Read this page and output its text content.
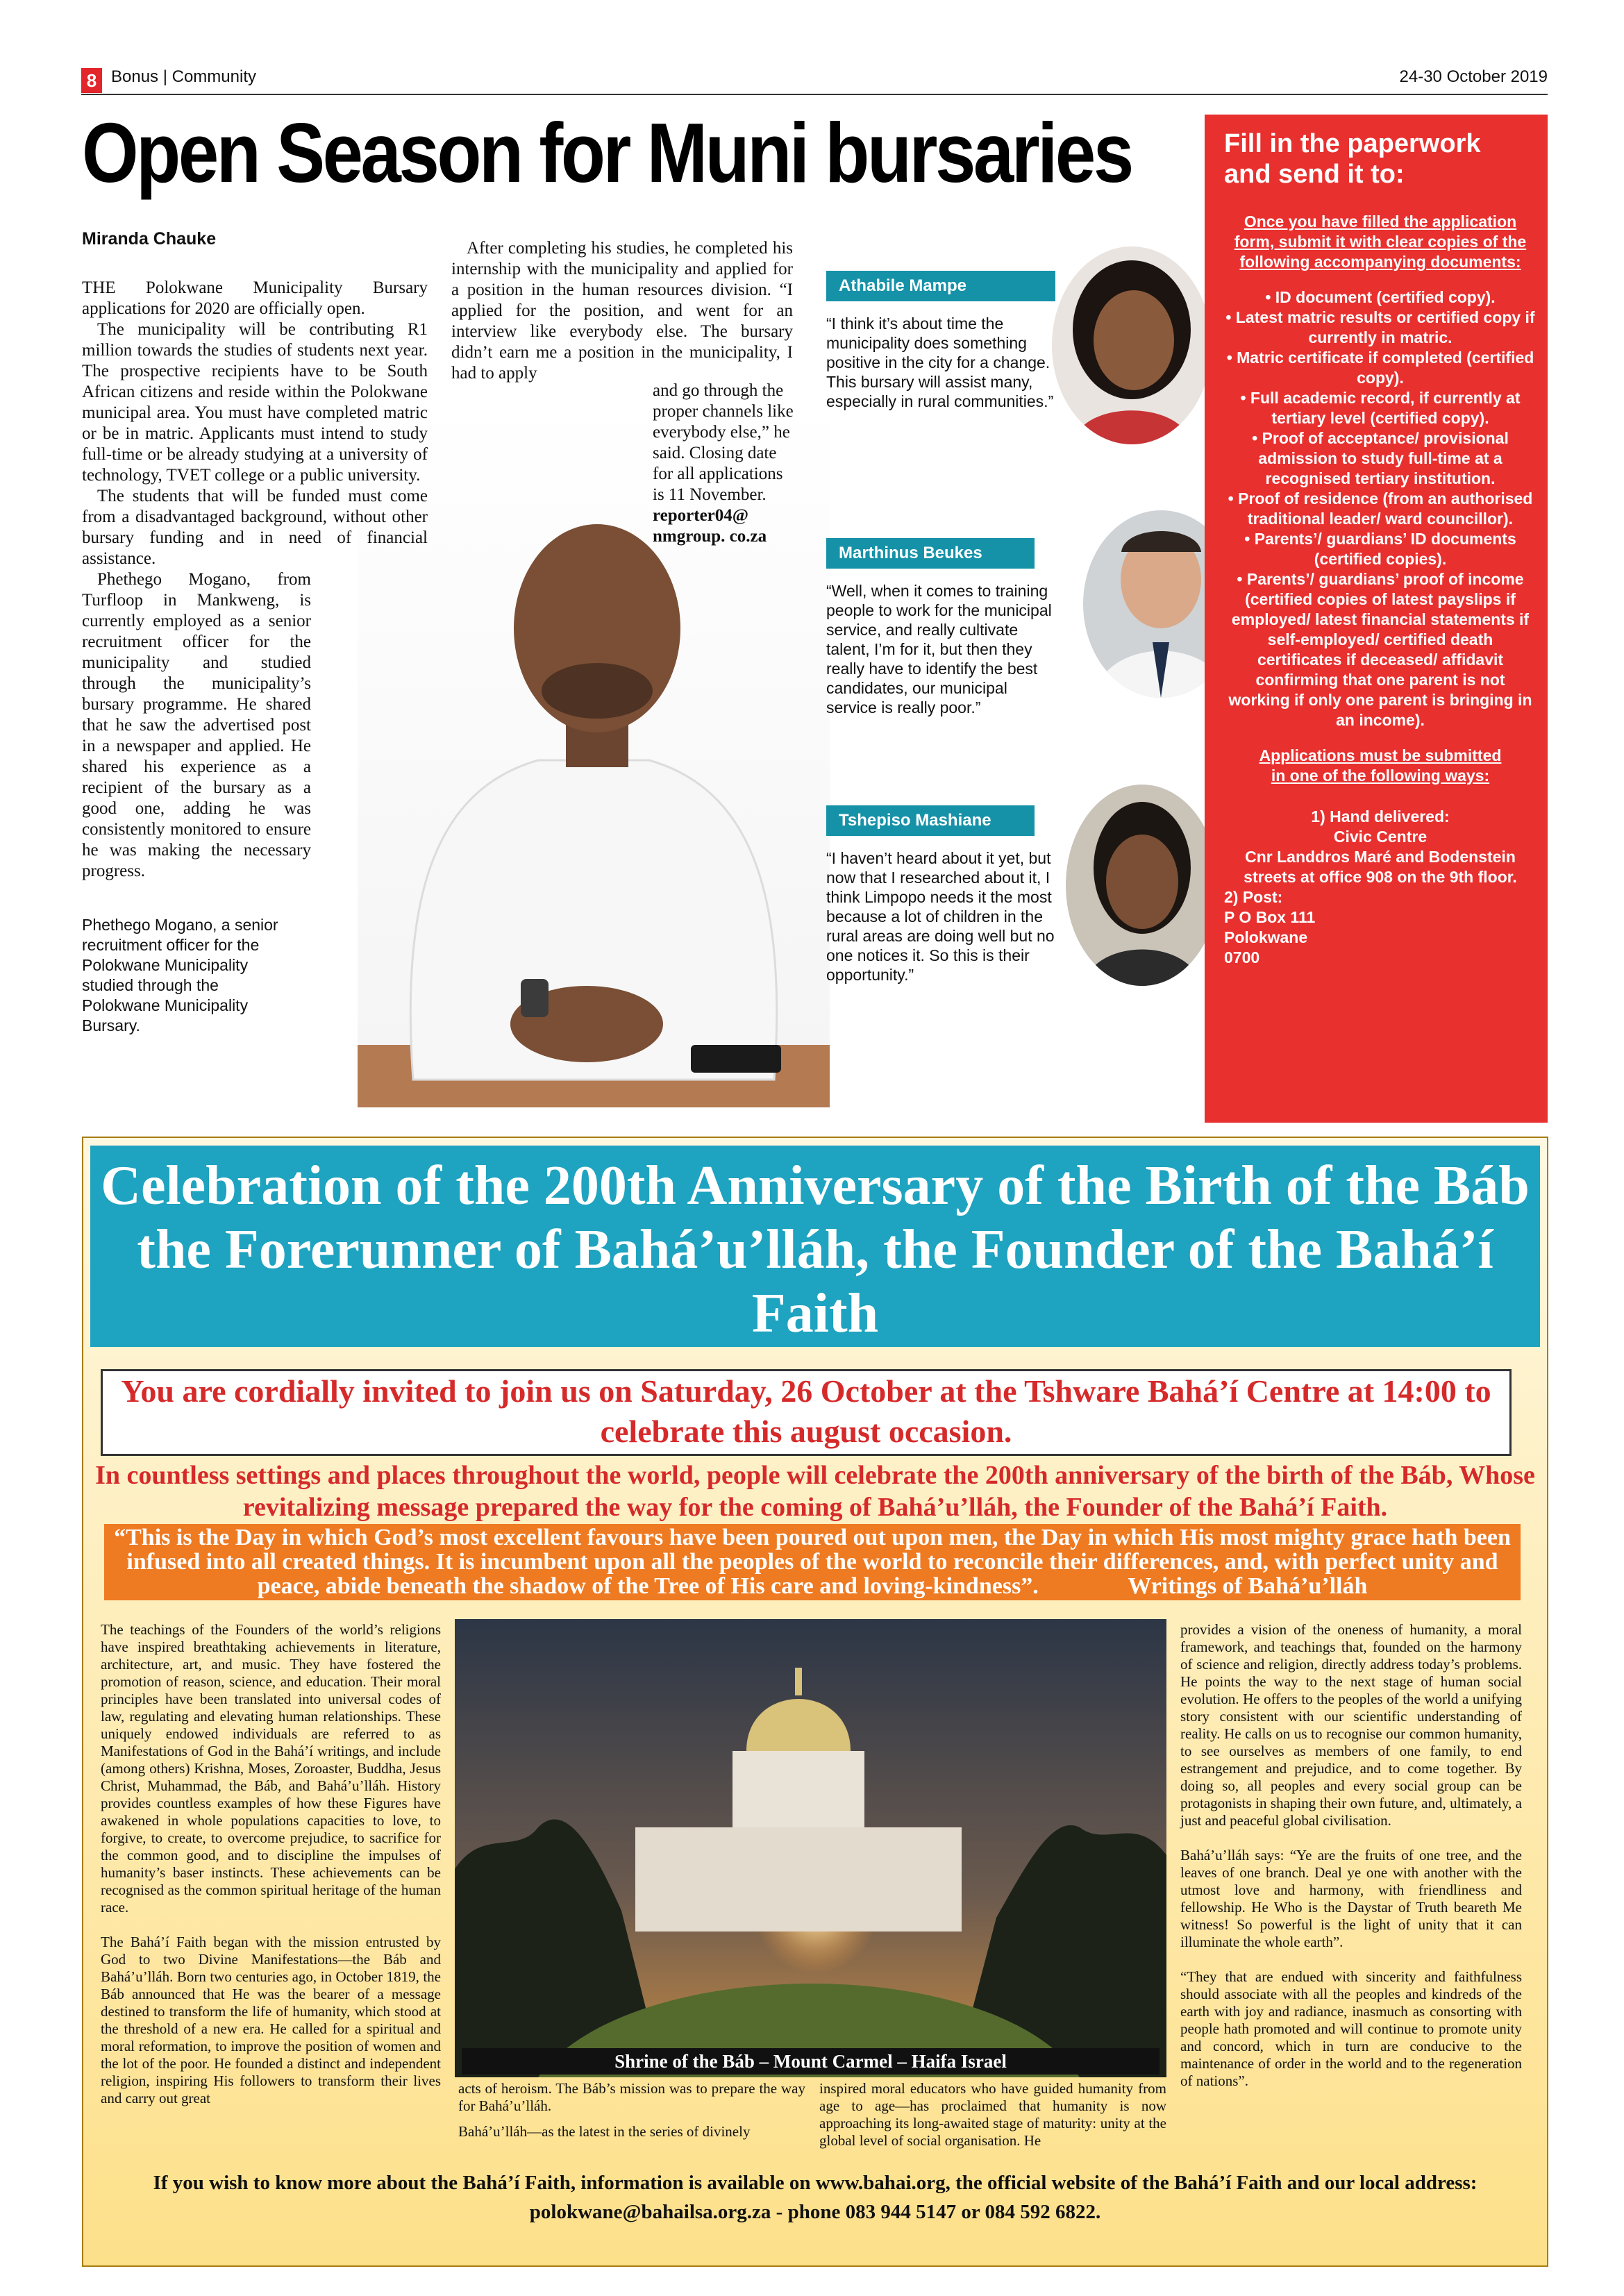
8 Bonus | Community	24-30 October 2019
Open Season for Muni bursaries
Miranda Chauke
Phethego Mogano, a senior recruitment officer for the Polokwane Municipality studied through the Polokwane Municipality Bursary.

THE Polokwane Municipality Bursary applications for 2020 are officially open.

The municipality will be contributing R1 million towards the studies of students next year. The prospective recipients have to be South African citizens and reside within the Polokwane municipal area. You must have completed matric or be in matric. Applicants must intend to study full-time or be already studying at a university of technology, TVET college or a public university.

The students that will be funded must come from a disadvantaged background, without other bursary funding and in need of financial assistance.

Phethego Mogano, from Turfloop in Mankweng, is currently employed as a senior recruitment officer for the municipality and studied through the municipality’s bursary programme. He shared that he saw the advertised post in a newspaper and applied. He shared his experience as a recipient of the bursary as a good one, adding he was consistently monitored to ensure he was making the necessary progress.

After completing his studies, he completed his internship with the municipality and applied for a position in the human resources division. “I applied for the position, and went for an interview like everybody else. The bursary didn’t earn me a position in the municipality, I had to apply

and go through the proper channels like everybody else,” he said. Closing date for all applications is 11 November.

reporter04@ nmgroup. co.za

Athabile Mampe
“I think it’s about time the municipality does something positive in the city for a change. This bursary will assist many, especially in rural communities.”
Marthinus Beukes
“Well, when it comes to training people to work for the municipal service, and really cultivate talent, I’m for it, but then they really have to identify the best candidates, our municipal service is really poor.”
Tshepiso Mashiane
“I haven’t heard about it yet, but now that I researched about it, I think Limpopo needs it the most because a lot of children in the rural areas are doing well but no one notices it. So this is their opportunity.”
Fill in the paperwork
and send it to:
Once you have filled the application form, submit it with clear copies of the following accompanying documents:
• ID document (certified copy).
• Latest matric results or certified copy if currently in matric.
• Matric certificate if completed (certified copy).
• Full academic record, if currently at tertiary level (certified copy).
• Proof of acceptance/ provisional admission to study full-time at a recognised tertiary institution.
• Proof of residence (from an authorised traditional leader/ ward councillor).
• Parents’/ guardians’ ID documents (certified copies).
• Parents’/ guardians’ proof of income (certified copies of latest payslips if employed/ latest financial statements if self-employed/ certified death certificates if deceased/ affidavit confirming that one parent is not working if only one parent is bringing in an income).
Applications must be submitted in one of the following ways:
1) Hand delivered:
Civic Centre
Cnr Landdros Maré and Bodenstein streets at office 908 on the 9th floor.
2) Post:
P O Box 111
Polokwane
0700
Celebration of the 200th Anniversary of the Birth of the Báb the Forerunner of Bahá’u’lláh, the Founder of the Bahá’í Faith
You are cordially invited to join us on Saturday, 26 October at the Tshware Bahá’í Centre at 14:00 to celebrate this august occasion.
In countless settings and places throughout the world, people will celebrate the 200th anniversary of the birth of the Báb, Whose revitalizing message prepared the way for the coming of Bahá’u’lláh, the Founder of the Bahá’í Faith.
“This is the Day in which God’s most excellent favours have been poured out upon men, the Day in which His most mighty grace hath been infused into all created things. It is incumbent upon all the peoples of the world to reconcile their differences, and, with perfect unity and peace, abide beneath the shadow of the Tree of His care and loving-kindness”.	Writings of Bahá’u’lláh

The teachings of the Founders of the world’s religions have inspired breathtaking achievements in literature, architecture, art, and music. They have fostered the promotion of reason, science, and education. Their moral principles have been translated into universal codes of law, regulating and elevating human relationships. These uniquely endowed individuals are referred to as Manifestations of God in the Bahá’í writings, and include (among others) Krishna, Moses, Zoroaster, Buddha, Jesus Christ, Muhammad, the Báb, and Bahá’u’lláh. History provides countless examples of how these Figures have awakened in whole populations capacities to love, to forgive, to create, to overcome prejudice, to sacrifice for the common good, and to discipline the impulses of humanity’s baser instincts. These achievements can be recognised as the common spiritual heritage of the human race.

The Bahá’í Faith began with the mission entrusted by God to two Divine Manifestations—the Báb and Bahá’u’lláh. Born two centuries ago, in October 1819, the Báb announced that He was the bearer of a message destined to transform the life of humanity, which stood at the threshold of a new era. He called for a spiritual and moral reformation, to improve the position of women and the lot of the poor. He founded a distinct and independent religion, inspiring His followers to transform their lives and carry out great

Shrine of the Báb – Mount Carmel – Haifa Israel

acts of heroism. The Báb’s mission was to prepare the way for Bahá’u’lláh.

Bahá’u’lláh—as the latest in the series of divinely

inspired moral educators who have guided humanity from age to age—has proclaimed that humanity is now approaching its long-awaited stage of maturity: unity at the global level of social organisation. He

provides a vision of the oneness of humanity, a moral framework, and teachings that, founded on the harmony of science and religion, directly address today’s problems. He points the way to the next stage of human social evolution. He offers to the peoples of the world a unifying story consistent with our scientific understanding of reality. He calls on us to recognise our common humanity, to see ourselves as members of one family, to end estrangement and prejudice, and to come together. By doing so, all peoples and every social group can be protagonists in shaping their own future, and, ultimately, a just and peaceful global civilisation.

Bahá’u’lláh says: “Ye are the fruits of one tree, and the leaves of one branch. Deal ye one with another with the utmost love and harmony, with friendliness and fellowship. He Who is the Daystar of Truth beareth Me witness! So powerful is the light of unity that it can illuminate the whole earth”.

“They that are endued with sincerity and faithfulness should associate with all the peoples and kindreds of the earth with joy and radiance, inasmuch as consorting with people hath promoted and will continue to promote unity and concord, which in turn are conducive to the maintenance of order in the world and to the regeneration of nations”.

If you wish to know more about the Bahá’í Faith, information is available on www.bahai.org, the official website of the Bahá’í Faith and our local address: polokwane@bahailsa.org.za - phone 083 944 5147 or 084 592 6822.
